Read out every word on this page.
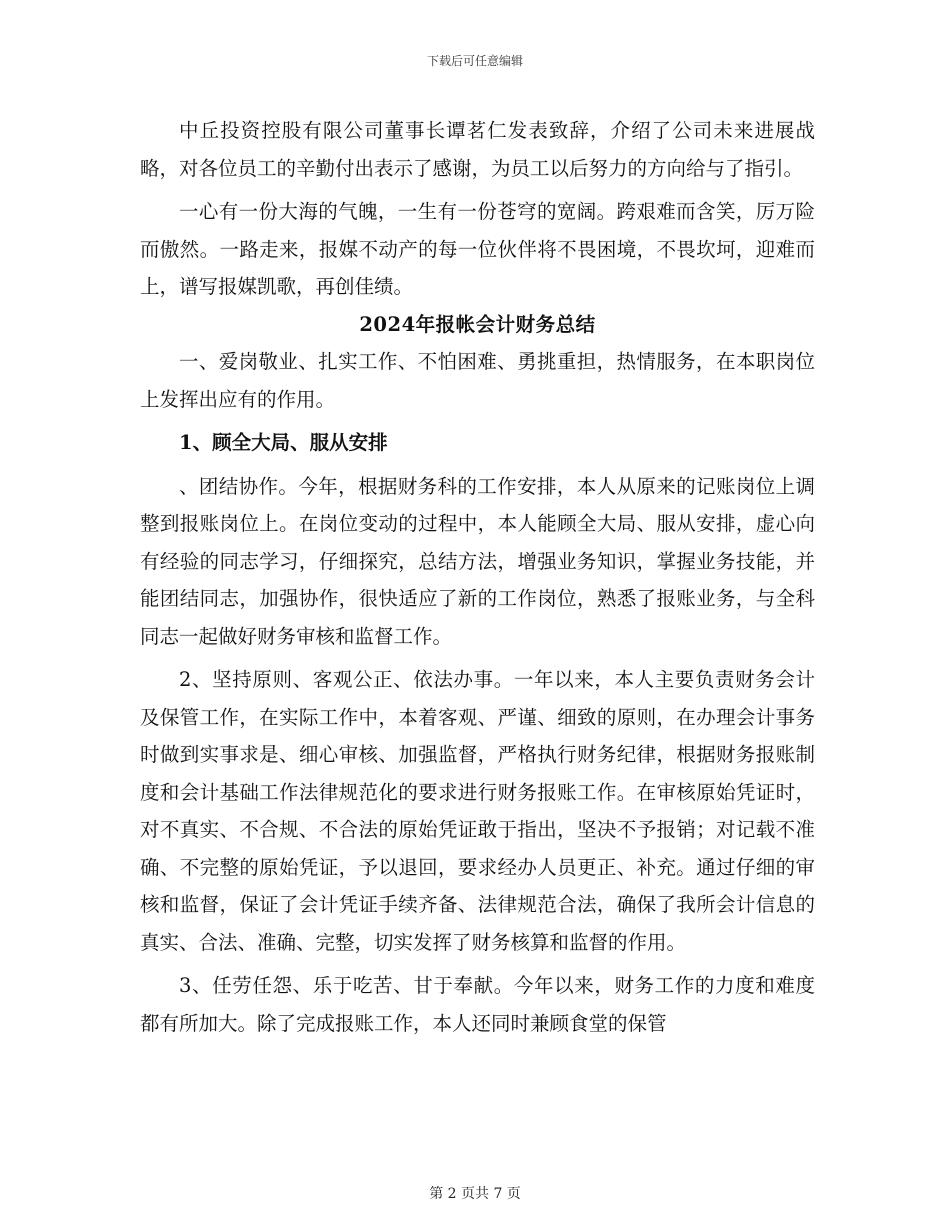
下载后可任意编辑

中丘投资控股有限公司董事长谭茗仁发表致辞，介绍了公司未来进展战略，对各位员工的辛勤付出表示了感谢，为员工以后努力的方向给与了指引。

一心有一份大海的气魄，一生有一份苍穹的宽阔。跨艰难而含笑，厉万险而傲然。一路走来，报媒不动产的每一位伙伴将不畏困境，不畏坎坷，迎难而上，谱写报媒凯歌，再创佳绩。

2024年报帐会计财务总结

一、爱岗敬业、扎实工作、不怕困难、勇挑重担，热情服务，在本职岗位上发挥出应有的作用。

1、顾全大局、服从安排

、团结协作。今年，根据财务科的工作安排，本人从原来的记账岗位上调整到报账岗位上。在岗位变动的过程中，本人能顾全大局、服从安排，虚心向有经验的同志学习，仔细探究，总结方法，增强业务知识，掌握业务技能，并能团结同志，加强协作，很快适应了新的工作岗位，熟悉了报账业务，与全科同志一起做好财务审核和监督工作。

2、坚持原则、客观公正、依法办事。一年以来，本人主要负责财务会计及保管工作，在实际工作中，本着客观、严谨、细致的原则，在办理会计事务时做到实事求是、细心审核、加强监督，严格执行财务纪律，根据财务报账制度和会计基础工作法律规范化的要求进行财务报账工作。在审核原始凭证时，对不真实、不合规、不合法的原始凭证敢于指出，坚决不予报销；对记载不准确、不完整的原始凭证，予以退回，要求经办人员更正、补充。通过仔细的审核和监督，保证了会计凭证手续齐备、法律规范合法，确保了我所会计信息的真实、合法、准确、完整，切实发挥了财务核算和监督的作用。

3、任劳任怨、乐于吃苦、甘于奉献。今年以来，财务工作的力度和难度都有所加大。除了完成报账工作，本人还同时兼顾食堂的保管

第 2 页共 7 页
